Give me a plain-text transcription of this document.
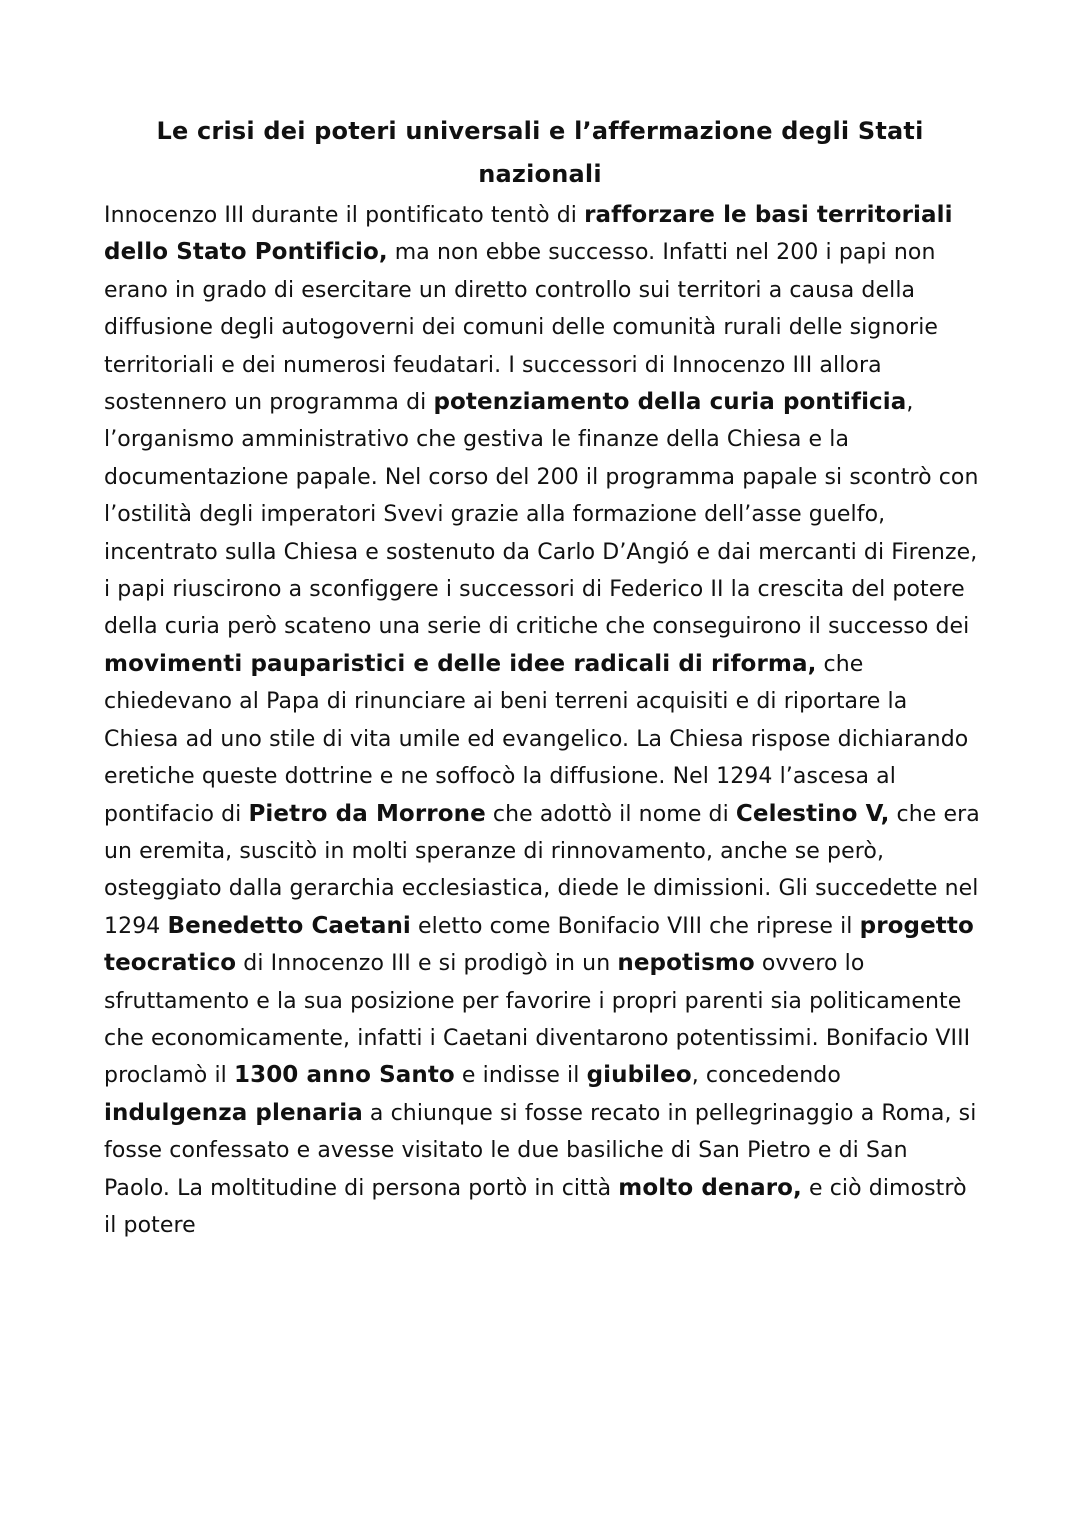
Le crisi dei poteri universali e l’affermazione degli Stati nazionali

Innocenzo III durante il pontificato tentò di rafforzare le basi territoriali dello Stato Pontificio, ma non ebbe successo. Infatti nel 200 i papi non erano in grado di esercitare un diretto controllo sui territori a causa della diffusione degli autogoverni dei comuni delle comunità rurali delle signorie territoriali e dei numerosi feudatari. I successori di Innocenzo III allora sostennero un programma di potenziamento della curia pontificia, l’organismo amministrativo che gestiva le finanze della Chiesa e la documentazione papale. Nel corso del 200 il programma papale si scontrò con l’ostilità degli imperatori Svevi grazie alla formazione dell’asse guelfo, incentrato sulla Chiesa e sostenuto da Carlo D’Angió e dai mercanti di Firenze, i papi riuscirono a sconfiggere i successori di Federico II la crescita del potere della curia però scateno una serie di critiche che conseguirono il successo dei movimenti pauparistici e delle idee radicali di riforma, che chiedevano al Papa di rinunciare ai beni terreni acquisiti e di riportare la Chiesa ad uno stile di vita umile ed evangelico. La Chiesa rispose dichiarando eretiche queste dottrine e ne soffocò la diffusione. Nel 1294 l’ascesa al pontifacio di Pietro da Morrone che adottò il nome di Celestino V, che era un eremita, suscitò in molti speranze di rinnovamento, anche se però, osteggiato dalla gerarchia ecclesiastica, diede le dimissioni. Gli succedette nel 1294 Benedetto Caetani eletto come Bonifacio VIII che riprese il progetto teocratico di Innocenzo III e si prodigò in un nepotismo ovvero lo sfruttamento e la sua posizione per favorire i propri parenti sia politicamente che economicamente, infatti i Caetani diventarono potentissimi. Bonifacio VIII proclamò il 1300 anno Santo e indisse il giubileo, concedendo indulgenza plenaria a chiunque si fosse recato in pellegrinaggio a Roma, si fosse confessato e avesse visitato le due basiliche di San Pietro e di San Paolo. La moltitudine di persona portò in città molto denaro, e ciò dimostrò il potere
